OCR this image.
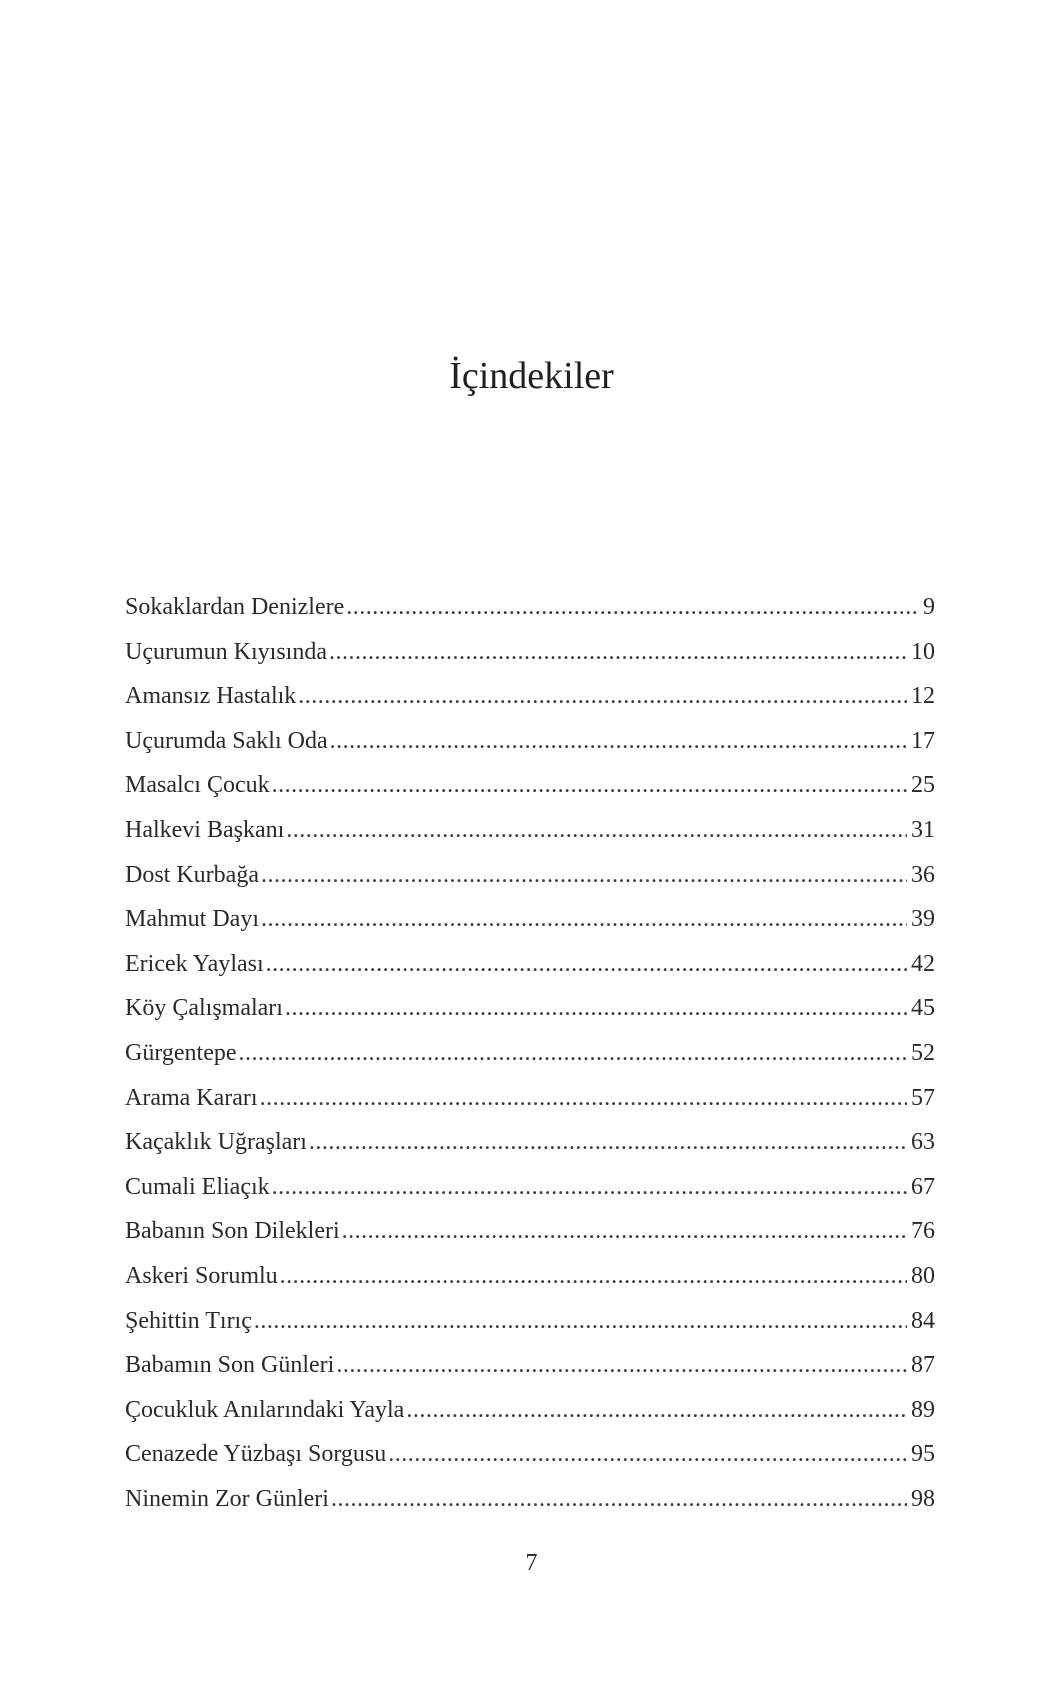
İçindekiler
Sokaklardan Denizlere .....	9
Uçurumun Kıyısında .....	10
Amansız Hastalık .....	12
Uçurumda Saklı Oda .....	17
Masalcı Çocuk .....	25
Halkevi Başkanı .....	31
Dost Kurbağa .....	36
Mahmut Dayı .....	39
Ericek Yaylası .....	42
Köy Çalışmaları .....	45
Gürgentepe .....	52
Arama Kararı .....	57
Kaçaklık Uğraşları .....	63
Cumali Eliaçık .....	67
Babanın Son Dilekleri .....	76
Askeri Sorumlu .....	80
Şehittin Tırıç .....	84
Babamın Son Günleri .....	87
Çocukluk Anılarındaki Yayla .....	89
Cenazede Yüzbaşı Sorgusu .....	95
Ninemin Zor Günleri .....	98
7
